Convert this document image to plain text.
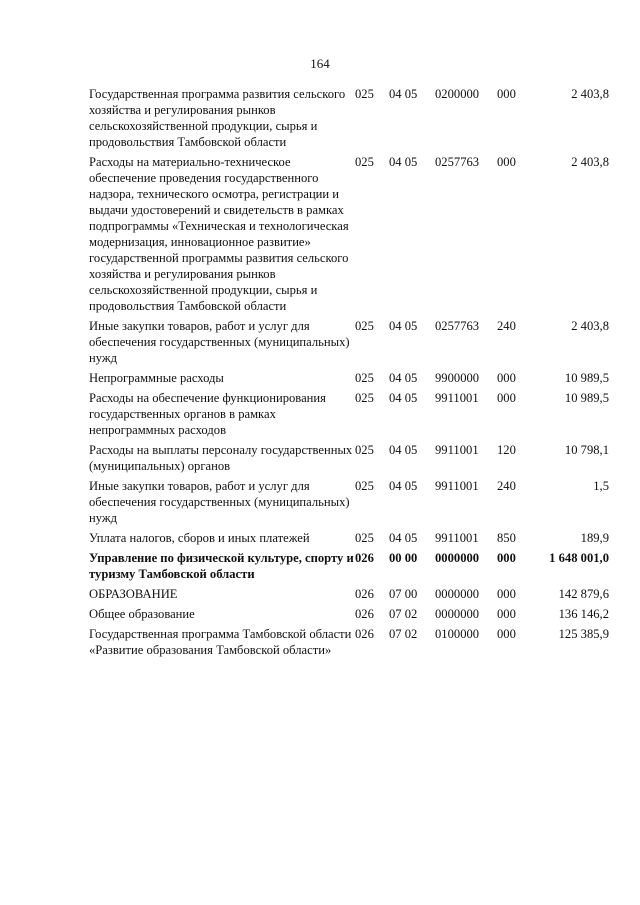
164
Государственная программа развития сельского хозяйства и регулирования рынков сельскохозяйственной продукции, сырья и продовольствия Тамбовской области	025	04 05	0200000	000	2 403,8
Расходы на материально-техническое обеспечение проведения государственного надзора, технического осмотра, регистрации и выдачи удостоверений и свидетельств в рамках подпрограммы «Техническая и технологическая модернизация, инновационное развитие» государственной программы развития сельского хозяйства и регулирования рынков сельскохозяйственной продукции, сырья и продовольствия Тамбовской области	025	04 05	0257763	000	2 403,8
Иные закупки товаров, работ и услуг для обеспечения государственных (муниципальных) нужд	025	04 05	0257763	240	2 403,8
Непрограммные расходы	025	04 05	9900000	000	10 989,5
Расходы на обеспечение функционирования государственных органов в рамках непрограммных расходов	025	04 05	9911001	000	10 989,5
Расходы на выплаты персоналу государственных (муниципальных) органов	025	04 05	9911001	120	10 798,1
Иные закупки товаров, работ и услуг для обеспечения государственных (муниципальных) нужд	025	04 05	9911001	240	1,5
Уплата налогов, сборов и иных платежей	025	04 05	9911001	850	189,9
Управление по физической культуре, спорту и туризму Тамбовской области	026	00 00	0000000	000	1 648 001,0
ОБРАЗОВАНИЕ	026	07 00	0000000	000	142 879,6
Общее образование	026	07 02	0000000	000	136 146,2
Государственная программа Тамбовской области «Развитие образования Тамбовской области»	026	07 02	0100000	000	125 385,9
